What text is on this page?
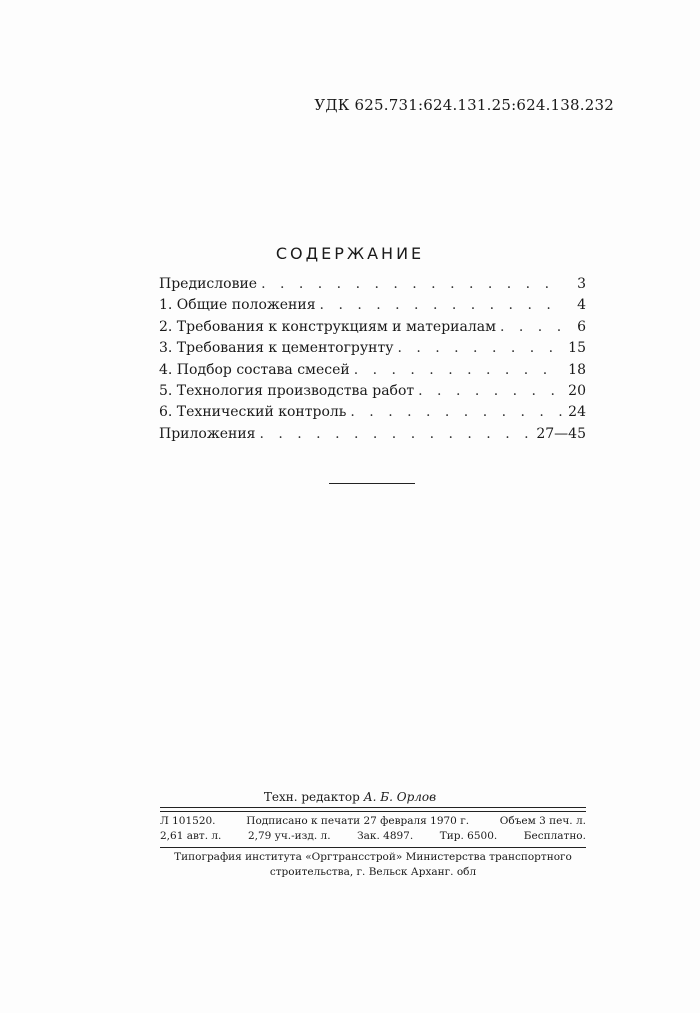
УДК 625.731:624.131.25:624.138.232
СОДЕРЖАНИЕ
Предисловие . . .	3
1. Общие положения . . .	4
2. Требования к конструкциям и материалам . . .	6
3. Требования к цементогрунту . . .	15
4. Подбор состава смесей . . .	18
5. Технология производства работ . . .	20
6. Технический контроль . . .	24
Приложения . . .	27—45
Техн. редактор А. Б. Орлов
Л 101520.	Подписано к печати 27 февраля 1970 г.	Объем 3 печ. л.
2,61 авт. л.	2,79 уч.-изд. л.	Зак. 4897.	Тир. 6500.	Бесплатно.
Типография института «Оргтрансстрой» Министерства транспортного
строительства, г. Вельск Арханг. обл
